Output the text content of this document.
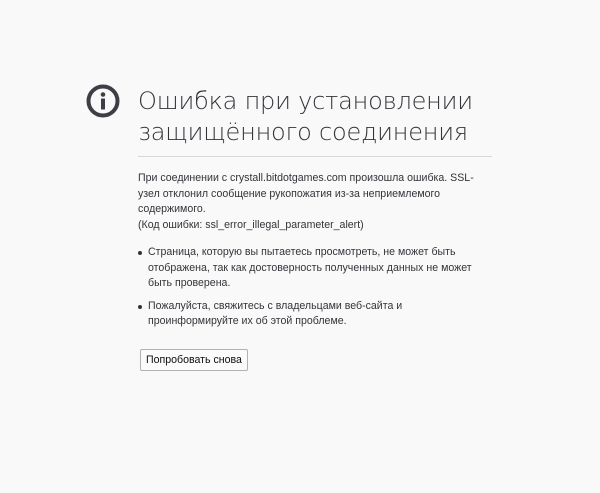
Ошибка при установлении защищённого соединения

При соединении с crystall.bitdotgames.com произошла ошибка. SSL-узел отклонил сообщение рукопожатия из-за неприемлемого содержимого.
(Код ошибки: ssl_error_illegal_parameter_alert)

Страница, которую вы пытаетесь просмотреть, не может быть отображена, так как достоверность полученных данных не может быть проверена.
Пожалуйста, свяжитесь с владельцами веб-сайта и проинформируйте их об этой проблеме.
Попробовать снова
